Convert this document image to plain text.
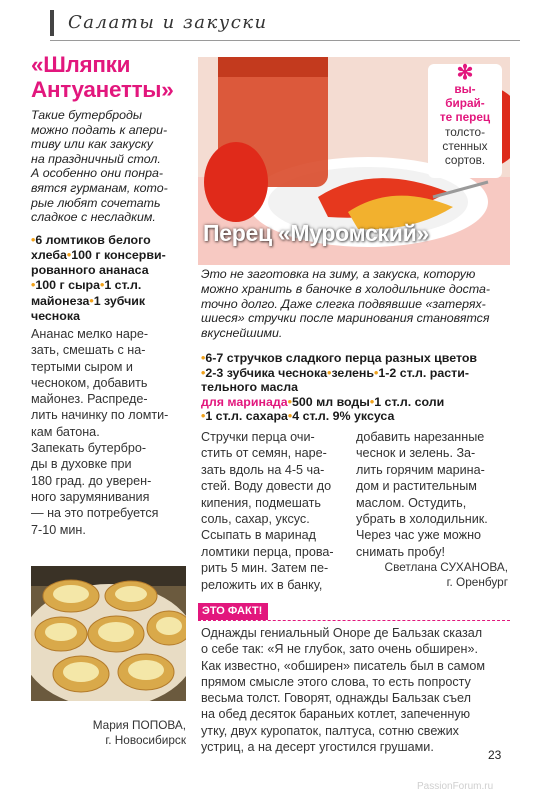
Салаты и закуски
«Шляпки
Антуанетты»
Такие бутерброды
можно подать к апери-
тиву или как закуску
на праздничный стол.
А особенно они понра-
вятся гурманам, кото-
рые любят сочетать
сладкое с несладким.
•6 ломтиков белого
хлеба•100 г консерви-
рованного ананаса
•100 г сыра•1 ст.л.
майонеза•1 зубчик
чеснока
Ананас мелко нарe-
зать, смешать с на-
тертыми сыром и
чесноком, добавить
майонез. Распреде-
лить начинку по ломти-
кам батона.
Запекать бутербро-
ды в духовке при
180 град. до уверен-
ного зарумянивания
— на это потребуется
7-10 мин.
Мария ПОПОВА,
г. Новосибирск
Перец «Муромский»
✻
вы-
бирай-
те перец
толсто-
стенных
сортов.
Это не заготовка на зиму, а закуска, которую
можно хранить в баночке в холодильнике доста-
точно долго. Даже слегка подвявшие «затерях-
шиеся» стручки после маринования становятся
вкуснейшими.
•6-7 стручков сладкого перца разных цветов
•2-3 зубчика чеснока•зелень•1-2 ст.л. расти-
тельного масла
для маринада•500 мл воды•1 ст.л. соли
•1 ст.л. сахара•4 ст.л. 9% уксуса
Стручки перца очи-
стить от семян, наре-
зать вдоль на 4-5 ча-
стей. Воду довести до
кипения, подмешать
соль, сахар, уксус.
Ссыпать в маринад
ломтики перца, прова-
рить 5 мин. Затем пе-
реложить их в банку,
добавить нарезанные
чеснок и зелень. За-
лить горячим марина-
дом и растительным
маслом. Остудить,
убрать в холодильник.
Через час уже можно
снимать пробу!
Светлана СУХАНОВА,
г. Оренбург
ЭТО ФАКТ!
Однажды гениальный Оноре де Бальзак сказал
о себе так: «Я не глубок, зато очень обширен».
Как известно, «обширен» писатель был в самом
прямом смысле этого слова, то есть попросту
весьма толст. Говорят, однажды Бальзак съел
на обед десяток бараньих котлет, запеченную
утку, двух куропаток, палтуса, сотню свежих
устриц, а на десерт угостился грушами.
23
PassionForum.ru
